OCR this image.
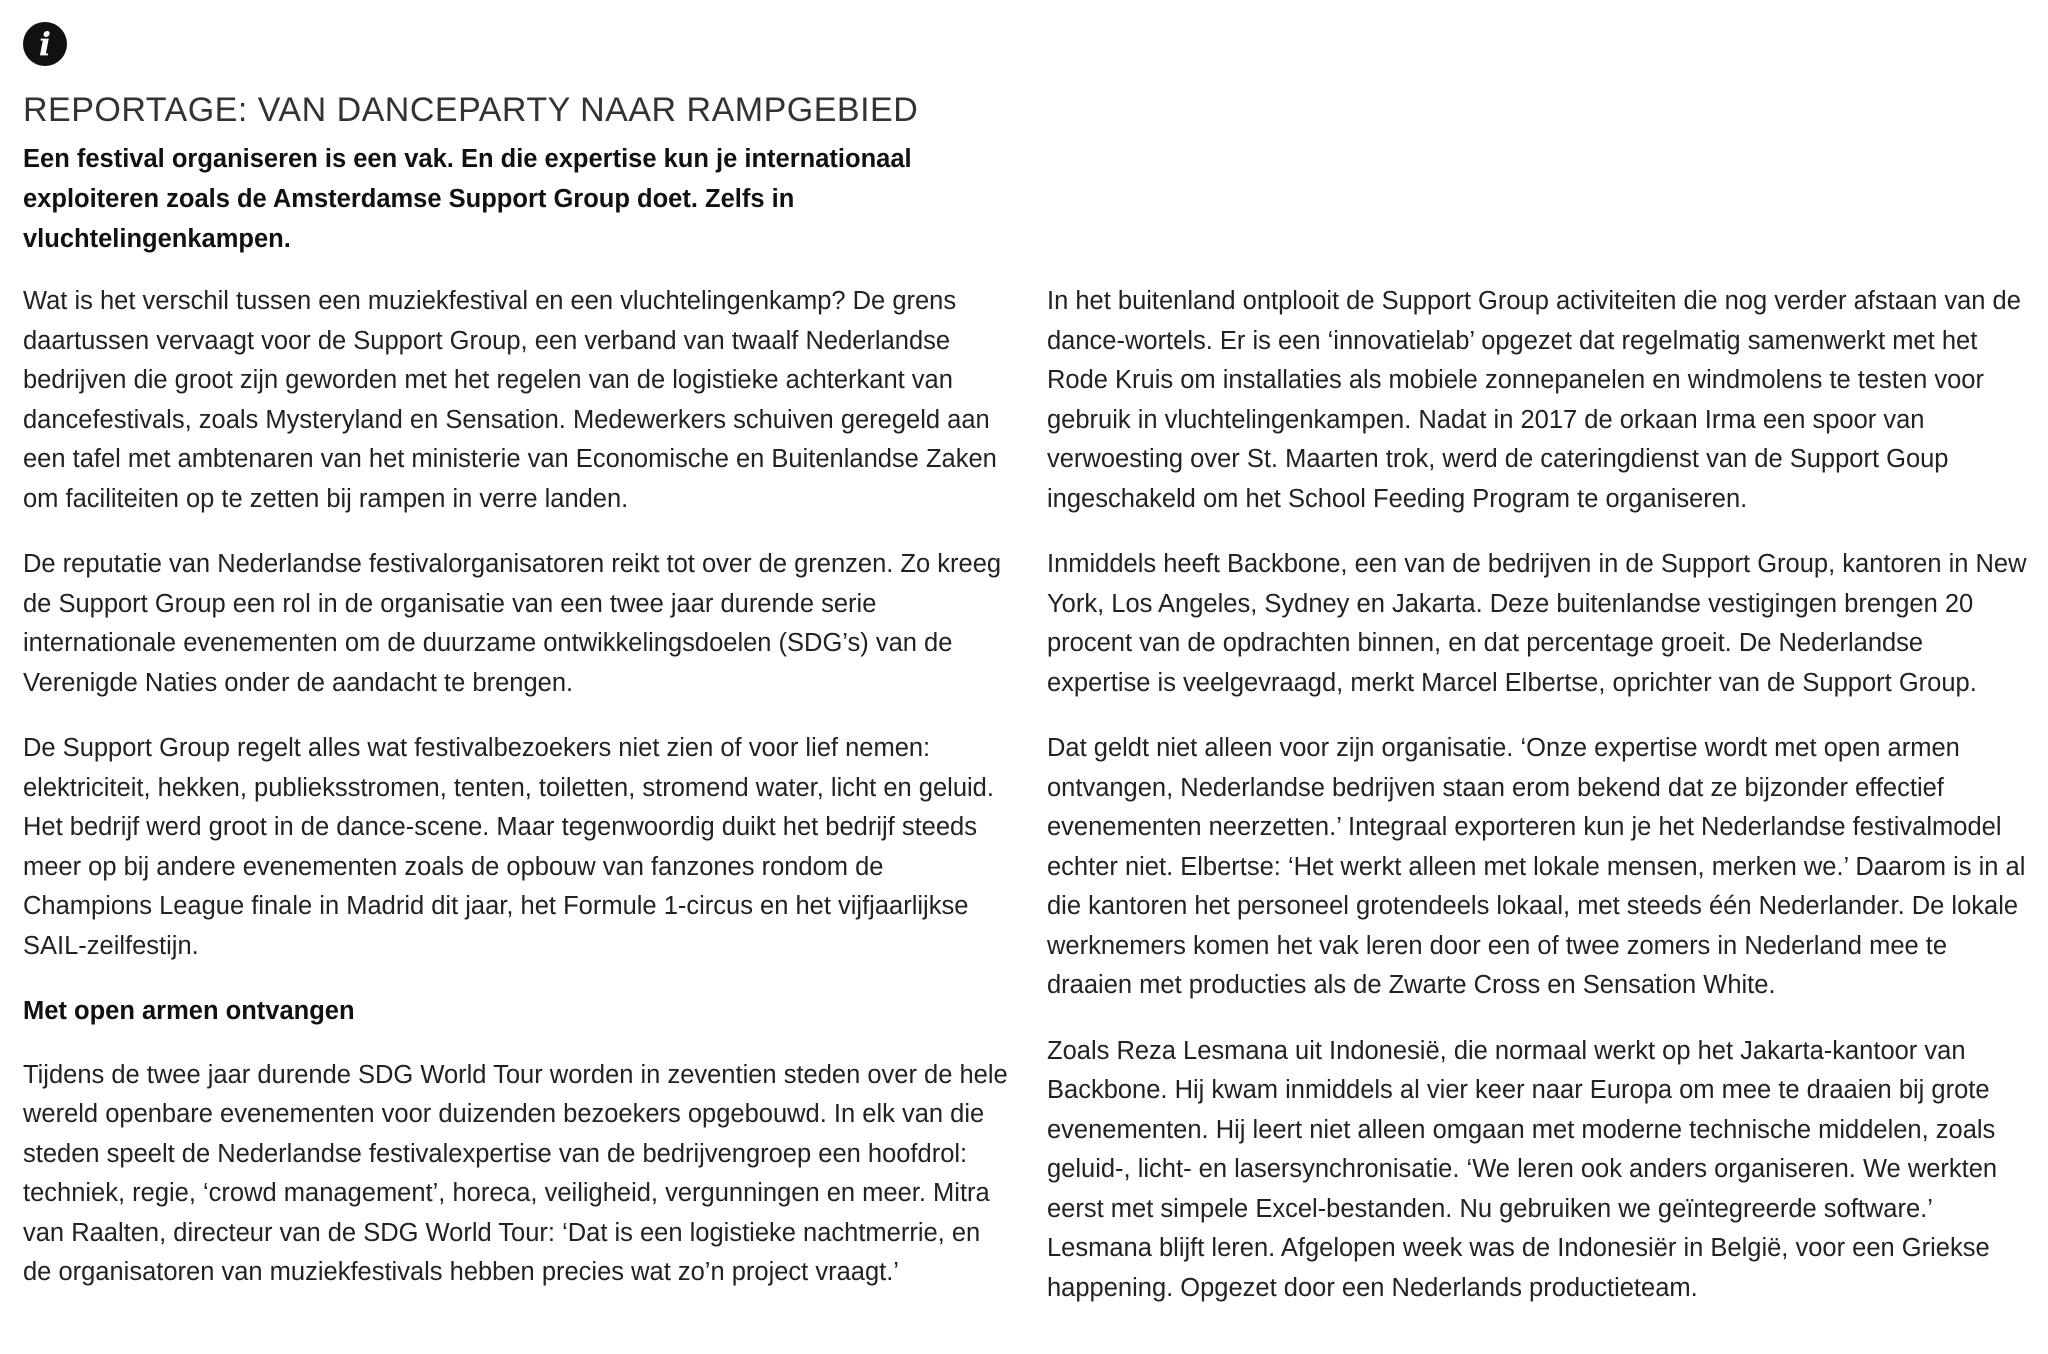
i
REPORTAGE: VAN DANCEPARTY NAAR RAMPGEBIED

Een festival organiseren is een vak. En die expertise kun je internationaal exploiteren zoals de Amsterdamse Support Group doet. Zelfs in vluchtelingenkampen.

Wat is het verschil tussen een muziekfestival en een vluchtelingenkamp? De grens daartussen vervaagt voor de Support Group, een verband van twaalf Nederlandse bedrijven die groot zijn geworden met het regelen van de logistieke achterkant van dancefestivals, zoals Mysteryland en Sensation. Medewerkers schuiven geregeld aan een tafel met ambtenaren van het ministerie van Economische en Buitenlandse Zaken om faciliteiten op te zetten bij rampen in verre landen.

De reputatie van Nederlandse festivalorganisatoren reikt tot over de grenzen. Zo kreeg de Support Group een rol in de organisatie van een twee jaar durende serie internationale evenementen om de duurzame ontwikkelingsdoelen (SDG’s) van de Verenigde Naties onder de aandacht te brengen.

De Support Group regelt alles wat festivalbezoekers niet zien of voor lief nemen: elektriciteit, hekken, publieksstromen, tenten, toiletten, stromend water, licht en geluid. Het bedrijf werd groot in de dance-scene. Maar tegenwoordig duikt het bedrijf steeds meer op bij andere evenementen zoals de opbouw van fanzones rondom de Champions League finale in Madrid dit jaar, het Formule 1-circus en het vijfjaarlijkse SAIL-zeilfestijn.

Met open armen ontvangen

Tijdens de twee jaar durende SDG World Tour worden in zeventien steden over de hele wereld openbare evenementen voor duizenden bezoekers opgebouwd. In elk van die steden speelt de Nederlandse festivalexpertise van de bedrijvengroep een hoofdrol: techniek, regie, ‘crowd management’, horeca, veiligheid, vergunningen en meer. Mitra van Raalten, directeur van de SDG World Tour: ‘Dat is een logistieke nachtmerrie, en de organisatoren van muziekfestivals hebben precies wat zo’n project vraagt.’

In het buitenland ontplooit de Support Group activiteiten die nog verder afstaan van de dance-wortels. Er is een ‘innovatielab’ opgezet dat regelmatig samenwerkt met het Rode Kruis om installaties als mobiele zonnepanelen en windmolens te testen voor gebruik in vluchtelingenkampen. Nadat in 2017 de orkaan Irma een spoor van verwoesting over St. Maarten trok, werd de cateringdienst van de Support Goup ingeschakeld om het School Feeding Program te organiseren.

Inmiddels heeft Backbone, een van de bedrijven in de Support Group, kantoren in New York, Los Angeles, Sydney en Jakarta. Deze buitenlandse vestigingen brengen 20 procent van de opdrachten binnen, en dat percentage groeit. De Nederlandse expertise is veelgevraagd, merkt Marcel Elbertse, oprichter van de Support Group.

Dat geldt niet alleen voor zijn organisatie. ‘Onze expertise wordt met open armen ontvangen, Nederlandse bedrijven staan erom bekend dat ze bijzonder effectief evenementen neerzetten.’ Integraal exporteren kun je het Nederlandse festivalmodel echter niet. Elbertse: ‘Het werkt alleen met lokale mensen, merken we.’ Daarom is in al die kantoren het personeel grotendeels lokaal, met steeds één Nederlander. De lokale werknemers komen het vak leren door een of twee zomers in Nederland mee te draaien met producties als de Zwarte Cross en Sensation White.

Zoals Reza Lesmana uit Indonesië, die normaal werkt op het Jakarta-kantoor van Backbone. Hij kwam inmiddels al vier keer naar Europa om mee te draaien bij grote evenementen. Hij leert niet alleen omgaan met moderne technische middelen, zoals geluid-, licht- en lasersynchronisatie. ‘We leren ook anders organiseren. We werkten eerst met simpele Excel-bestanden. Nu gebruiken we geïntegreerde software.’ Lesmana blijft leren. Afgelopen week was de Indonesiër in België, voor een Griekse happening. Opgezet door een Nederlands productieteam.
